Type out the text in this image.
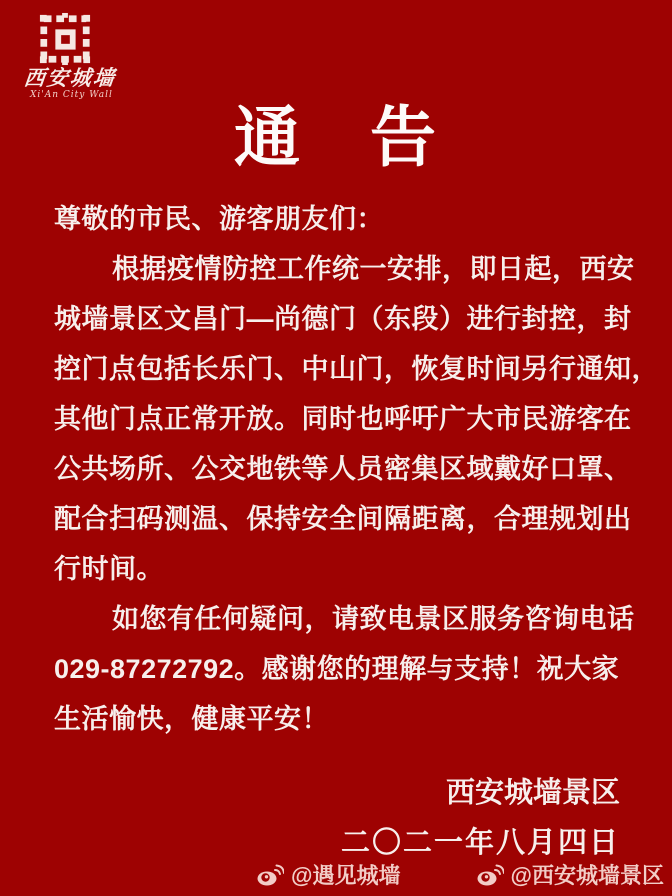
西安城墙
Xi'An City Wall
通　告
尊敬的市民、游客朋友们：
根据疫情防控工作统一安排，即日起，西安
城墙景区文昌门—尚德门（东段）进行封控，封
控门点包括长乐门、中山门，恢复时间另行通知，
其他门点正常开放。同时也呼吁广大市民游客在
公共场所、公交地铁等人员密集区域戴好口罩、
配合扫码测温、保持安全间隔距离，合理规划出
行时间。
如您有任何疑问，请致电景区服务咨询电话
029-87272792。感谢您的理解与支持！祝大家
生活愉快，健康平安！
西安城墙景区
二〇二一年八月四日
@遇见城墙	@西安城墙景区
